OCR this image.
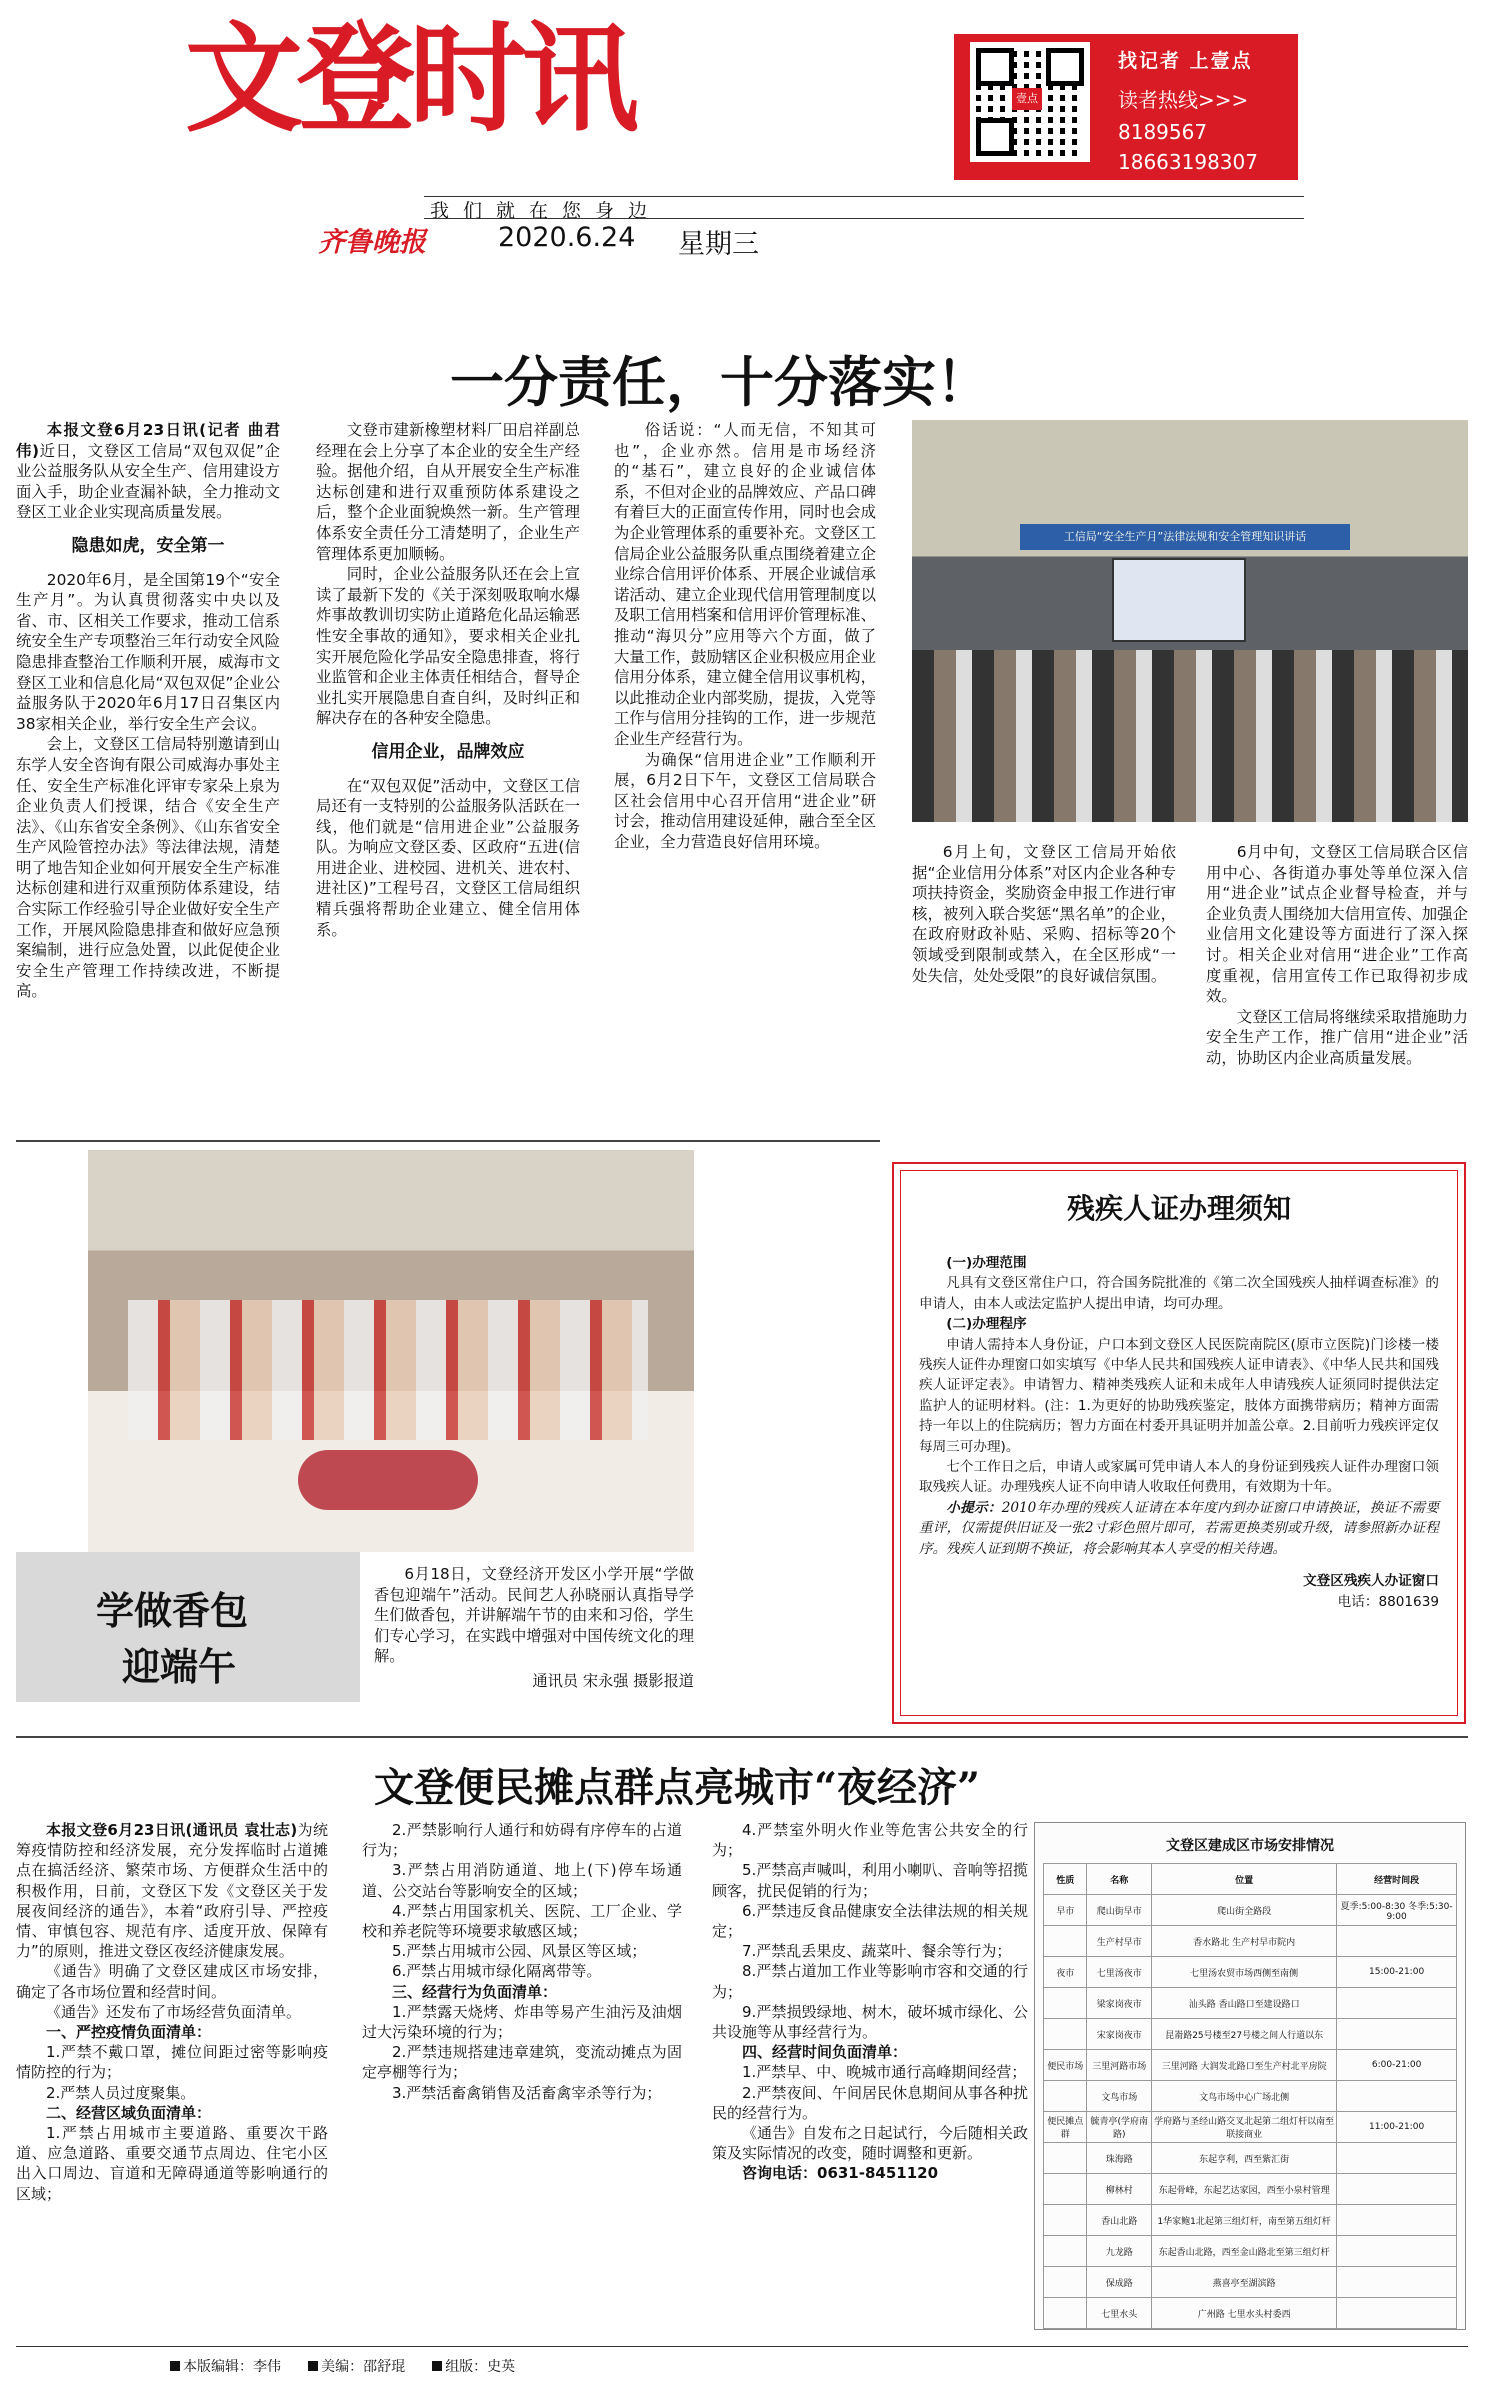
文登时讯
我们就在您身边
齐鲁晚报	2020.6.24 星期三
壹点
找记者 上壹点
读者热线>>>
8189567
18663198307
一分责任，十分落实！

本报文登6月23日讯(记者 曲君伟)近日，文登区工信局“双包双促”企业公益服务队从安全生产、信用建设方面入手，助企业查漏补缺，全力推动文登区工业企业实现高质量发展。

隐患如虎，安全第一

2020年6月，是全国第19个“安全生产月”。为认真贯彻落实中央以及省、市、区相关工作要求，推动工信系统安全生产专项整治三年行动安全风险隐患排查整治工作顺利开展，威海市文登区工业和信息化局“双包双促”企业公益服务队于2020年6月17日召集区内38家相关企业，举行安全生产会议。

会上，文登区工信局特别邀请到山东学人安全咨询有限公司威海办事处主任、安全生产标准化评审专家朵上泉为企业负责人们授课，结合《安全生产法》、《山东省安全条例》、《山东省安全生产风险管控办法》等法律法规，清楚明了地告知企业如何开展安全生产标准达标创建和进行双重预防体系建设，结合实际工作经验引导企业做好安全生产工作，开展风险隐患排查和做好应急预案编制，进行应急处置，以此促使企业安全生产管理工作持续改进，不断提高。

文登市建新橡塑材料厂田启祥副总经理在会上分享了本企业的安全生产经验。据他介绍，自从开展安全生产标准达标创建和进行双重预防体系建设之后，整个企业面貌焕然一新。生产管理体系安全责任分工清楚明了，企业生产管理体系更加顺畅。

同时，企业公益服务队还在会上宣读了最新下发的《关于深刻吸取响水爆炸事故教训切实防止道路危化品运输恶性安全事故的通知》，要求相关企业扎实开展危险化学品安全隐患排查，将行业监管和企业主体责任相结合，督导企业扎实开展隐患自查自纠，及时纠正和解决存在的各种安全隐患。

信用企业，品牌效应

在“双包双促”活动中，文登区工信局还有一支特别的公益服务队活跃在一线，他们就是“信用进企业”公益服务队。为响应文登区委、区政府“五进(信用进企业、进校园、进机关、进农村、进社区)”工程号召，文登区工信局组织精兵强将帮助企业建立、健全信用体系。

俗话说：“人而无信，不知其可也”，企业亦然。信用是市场经济的“基石”，建立良好的企业诚信体系，不但对企业的品牌效应、产品口碑有着巨大的正面宣传作用，同时也会成为企业管理体系的重要补充。文登区工信局企业公益服务队重点围绕着建立企业综合信用评价体系、开展企业诚信承诺活动、建立企业现代信用管理制度以及职工信用档案和信用评价管理标准、推动“海贝分”应用等六个方面，做了大量工作，鼓励辖区企业积极应用企业信用分体系，建立健全信用议事机构，以此推动企业内部奖励，提拔，入党等工作与信用分挂钩的工作，进一步规范企业生产经营行为。

为确保“信用进企业”工作顺利开展，6月2日下午，文登区工信局联合区社会信用中心召开信用“进企业”研讨会，推动信用建设延伸，融合至全区企业，全力营造良好信用环境。

工信局“安全生产月”法律法规和安全管理知识讲话

6月上旬，文登区工信局开始依据“企业信用分体系”对区内企业各种专项扶持资金，奖励资金申报工作进行审核，被列入联合奖惩“黑名单”的企业，在政府财政补贴、采购、招标等20个领域受到限制或禁入，在全区形成“一处失信，处处受限”的良好诚信氛围。

6月中旬，文登区工信局联合区信用中心、各街道办事处等单位深入信用“进企业”试点企业督导检查，并与企业负责人围绕加大信用宣传、加强企业信用文化建设等方面进行了深入探讨。相关企业对信用“进企业”工作高度重视，信用宣传工作已取得初步成效。

文登区工信局将继续采取措施助力安全生产工作，推广信用“进企业”活动，协助区内企业高质量发展。

学做香包
迎端午

6月18日，文登经济开发区小学开展“学做香包迎端午”活动。民间艺人孙晓丽认真指导学生们做香包，并讲解端午节的由来和习俗，学生们专心学习，在实践中增强对中国传统文化的理解。

通讯员 宋永强 摄影报道
残疾人证办理须知

(一)办理范围

凡具有文登区常住户口，符合国务院批准的《第二次全国残疾人抽样调查标准》的申请人，由本人或法定监护人提出申请，均可办理。

(二)办理程序

申请人需持本人身份证，户口本到文登区人民医院南院区(原市立医院)门诊楼一楼残疾人证件办理窗口如实填写《中华人民共和国残疾人证申请表》、《中华人民共和国残疾人证评定表》。申请智力、精神类残疾人证和未成年人申请残疾人证须同时提供法定监护人的证明材料。(注：1.为更好的协助残疾鉴定，肢体方面携带病历；精神方面需持一年以上的住院病历；智力方面在村委开具证明并加盖公章。2.目前听力残疾评定仅每周三可办理)。

七个工作日之后，申请人或家属可凭申请人本人的身份证到残疾人证件办理窗口领取残疾人证。办理残疾人证不向申请人收取任何费用，有效期为十年。

小提示：2010年办理的残疾人证请在本年度内到办证窗口申请换证，换证不需要重评，仅需提供旧证及一张2寸彩色照片即可，若需更换类别或升级，请参照新办证程序。残疾人证到期不换证，将会影响其本人享受的相关待遇。

文登区残疾人办证窗口
电话：8801639
文登便民摊点群点亮城市“夜经济”

本报文登6月23日讯(通讯员 袁壮志)为统筹疫情防控和经济发展，充分发挥临时占道摊点在搞活经济、繁荣市场、方便群众生活中的积极作用，日前，文登区下发《文登区关于发展夜间经济的通告》，本着“政府引导、严控疫情、审慎包容、规范有序、适度开放、保障有力”的原则，推进文登区夜经济健康发展。

《通告》明确了文登区建成区市场安排，确定了各市场位置和经营时间。

《通告》还发布了市场经营负面清单。

一、严控疫情负面清单：

1.严禁不戴口罩，摊位间距过密等影响疫情防控的行为；

2.严禁人员过度聚集。

二、经营区域负面清单：

1.严禁占用城市主要道路、重要次干路道、应急道路、重要交通节点周边、住宅小区出入口周边、盲道和无障碍通道等影响通行的区域；

2.严禁影响行人通行和妨碍有序停车的占道行为；

3.严禁占用消防通道、地上(下)停车场通道、公交站台等影响安全的区域；

4.严禁占用国家机关、医院、工厂企业、学校和养老院等环境要求敏感区域；

5.严禁占用城市公园、风景区等区域；

6.严禁占用城市绿化隔离带等。

三、经营行为负面清单：

1.严禁露天烧烤、炸串等易产生油污及油烟过大污染环境的行为；

2.严禁违规搭建违章建筑，变流动摊点为固定亭棚等行为；

3.严禁活畜禽销售及活畜禽宰杀等行为；

4.严禁室外明火作业等危害公共安全的行为；

5.严禁高声喊叫，利用小喇叭、音响等招揽顾客，扰民促销的行为；

6.严禁违反食品健康安全法律法规的相关规定；

7.严禁乱丢果皮、蔬菜叶、餐余等行为；

8.严禁占道加工作业等影响市容和交通的行为；

9.严禁损毁绿地、树木，破坏城市绿化、公共设施等从事经营行为。

四、经营时间负面清单：

1.严禁早、中、晚城市通行高峰期间经营；

2.严禁夜间、午间居民休息期间从事各种扰民的经营行为。

《通告》自发布之日起试行，今后随相关政策及实际情况的改变，随时调整和更新。

咨询电话：0631-8451120

文登区建成区市场安排情况
性质	名称	位置	经营时间段
早市	爬山街早市	爬山街全路段	夏季:5:00-8:30 冬季:5:30-9:00
	生产村早市	香水路北 生产村早市院内	
夜市	七里汤夜市	七里汤农贸市场西侧至南侧	15:00-21:00
	梁家岗夜市	汕头路 香山路口至建设路口	
	宋家岗夜市	昆嵛路25号楼至27号楼之间人行道以东	
便民市场	三里河路市场	三里河路 大润发北路口至生产村北平房院	6:00-21:00
	文鸟市场	文鸟市场中心广场北侧	
便民摊点群	毓青亭(学府南路)	学府路与圣经山路交叉北起第二组灯杆以南至联接商业	11:00-21:00
	珠海路	东起亨利，西至紫汇街	
	柳林村	东起骨峰，东起艺达家园，西至小泉村管理	
	香山北路	1华家鲍1北起第三组灯杆，南至第五组灯杆	
	九龙路	东起香山北路，西至金山路北至第三组灯杆	
	保成路	燕喜亭至湖滨路	
	七里水头	广州路 七里水头村委西	
本版编辑：李伟	美编：邵舒琨	组版：史英
